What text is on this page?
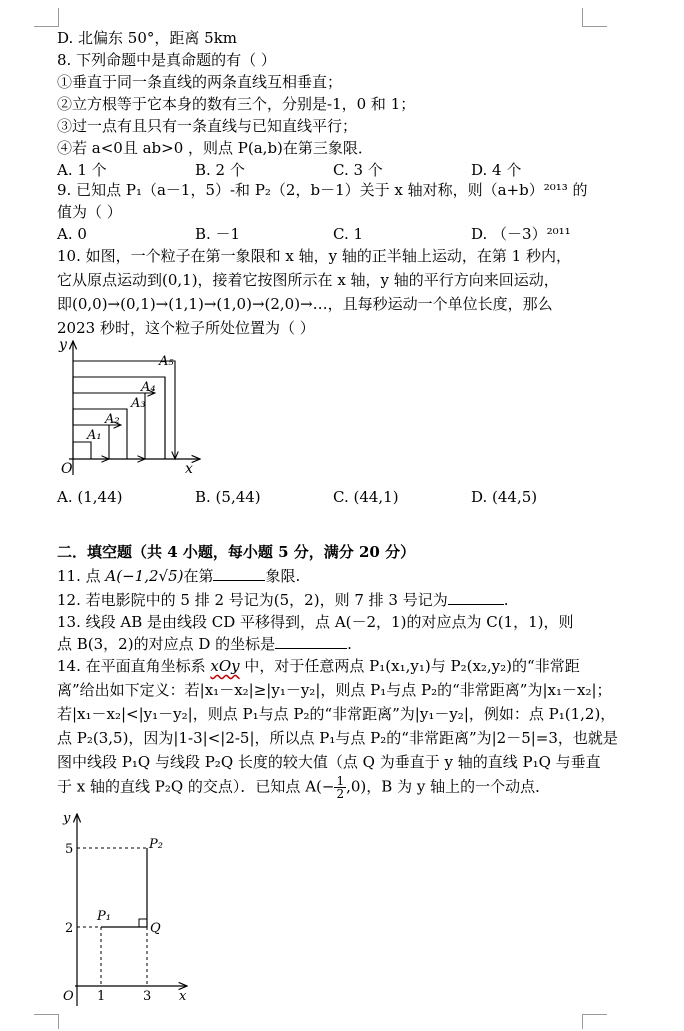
D. 北偏东 50°，距离 5km
8. 下列命题中是真命题的有（ ）
①垂直于同一条直线的两条直线互相垂直；
②立方根等于它本身的数有三个，分别是-1，0 和 1；
③过一点有且只有一条直线与已知直线平行；
④若 a<0且 ab>0 ，则点 P(a,b)在第三象限．
A. 1 个	B. 2 个	C. 3 个	D. 4 个
9. 已知点 P₁（a－1，5）-和 P₂（2，b－1）关于 x 轴对称，则（a+b）²⁰¹³ 的
值为（ ）
A. 0	B. －1	C. 1	D. （－3）²⁰¹¹
10. 如图，一个粒子在第一象限和 x 轴，y 轴的正半轴上运动，在第 1 秒内，
它从原点运动到(0,1)，接着它按图所示在 x 轴，y 轴的平行方向来回运动，
即(0,0)→(0,1)→(1,1)→(1,0)→(2,0)→…，且每秒运动一个单位长度，那么
2023 秒时，这个粒子所处位置为（ ）
y
x
O
A₁
A₂
A₃
A₄
A₅
A. (1,44)	B. (5,44)	C. (44,1)	D. (44,5)
二．填空题（共 4 小题，每小题 5 分，满分 20 分）
11. 点 A(−1,2√5)在第	象限.
12. 若电影院中的 5 排 2 号记为(5，2)，则 7 排 3 号记为	.
13. 线段 AB 是由线段 CD 平移得到，点 A(－2，1)的对应点为 C(1，1)，则
点 B(3，2)的对应点 D 的坐标是	.
14. 在平面直角坐标系 xOy 中，对于任意两点 P₁(x₁,y₁)与 P₂(x₂,y₂)的“非常距
离”给出如下定义：若|x₁－x₂|≥|y₁－y₂|，则点 P₁与点 P₂的“非常距离”为|x₁－x₂|；
若|x₁－x₂|<|y₁－y₂|，则点 P₁与点 P₂的“非常距离”为|y₁－y₂|，例如：点 P₁(1,2)，
点 P₂(3,5)，因为|1-3|<|2-5|，所以点 P₁与点 P₂的“非常距离”为|2－5|=3，也就是
图中线段 P₁Q 与线段 P₂Q 长度的较大值（点 Q 为垂直于 y 轴的直线 P₁Q 与垂直
于 x 轴的直线 P₂Q 的交点）．已知点 $A(- \frac{1}{2} ,0)$，B 为 y 轴上的一个动点．
y
x
O
5
2
1	3
P₁
P₂
Q
